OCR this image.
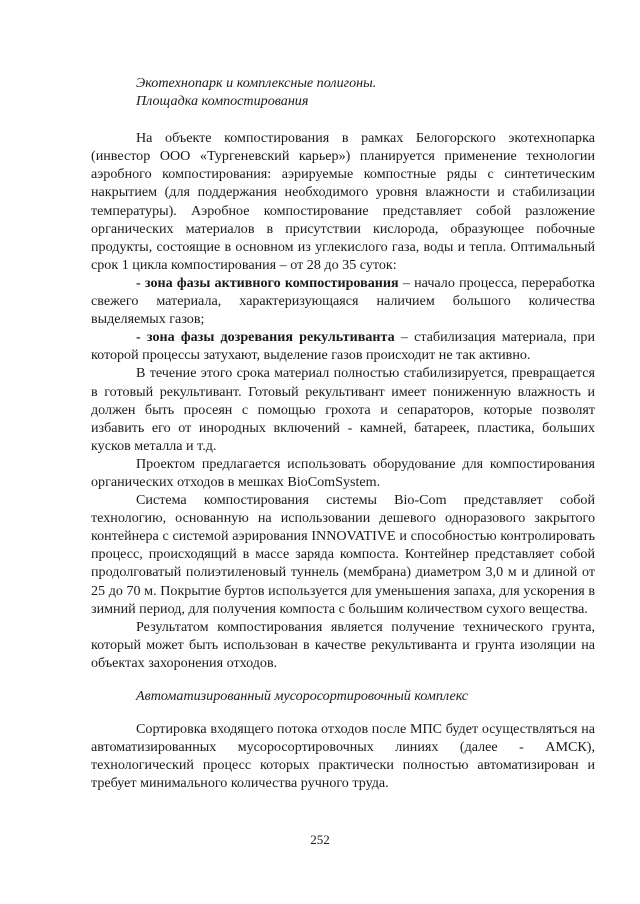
Экотехнопарк и комплексные полигоны.

Площадка компостирования

На объекте компостирования в рамках Белогорского экотехнопарка (инвестор ООО «Тургеневский карьер») планируется применение технологии аэробного компостирования: аэрируемые компостные ряды с синтетическим накрытием (для поддержания необходимого уровня влажности и стабилизации температуры). Аэробное компостирование представляет собой разложение органических материалов в присутствии кислорода, образующее побочные продукты, состоящие в основном из углекислого газа, воды и тепла. Оптимальный срок 1 цикла компостирования – от 28 до 35 суток:

- зона фазы активного компостирования – начало процесса, переработка свежего материала, характеризующаяся наличием большого количества выделяемых газов;

- зона фазы дозревания рекультиванта – стабилизация материала, при которой процессы затухают, выделение газов происходит не так активно.

В течение этого срока материал полностью стабилизируется, превращается в готовый рекультивант. Готовый рекультивант имеет пониженную влажность и должен быть просеян с помощью грохота и сепараторов, которые позволят избавить его от инородных включений - камней, батареек, пластика, больших кусков металла и т.д.

Проектом предлагается использовать оборудование для компостирования органических отходов в мешках BioComSystem.

Система компостирования системы Bio-Com представляет собой технологию, основанную на использовании дешевого одноразового закрытого контейнера с системой аэрирования INNOVATIVE и способностью контролировать процесс, происходящий в массе заряда компоста. Контейнер представляет собой продолговатый полиэтиленовый туннель (мембрана) диаметром 3,0 м и длиной от 25 до 70 м. Покрытие буртов используется для уменьшения запаха, для ускорения в зимний период, для получения компоста с большим количеством сухого вещества.

Результатом компостирования является получение технического грунта, который может быть использован в качестве рекультиванта и грунта изоляции на объектах захоронения отходов.

Автоматизированный мусоросортировочный комплекс

Сортировка входящего потока отходов после МПС будет осуществляться на автоматизированных мусоросортировочных линиях (далее - АМСК), технологический процесс которых практически полностью автоматизирован и требует минимального количества ручного труда.

252
